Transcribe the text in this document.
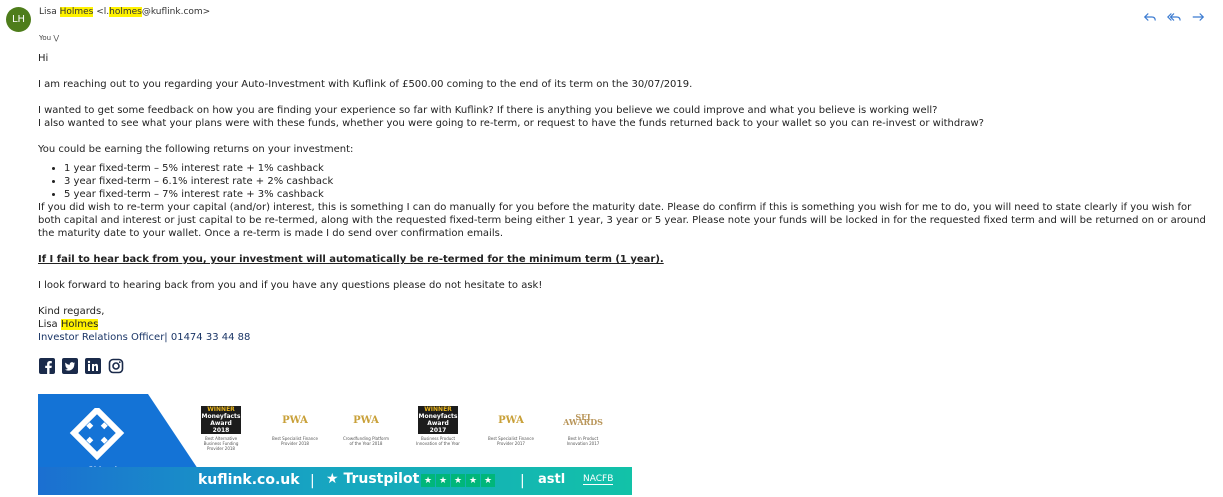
LH
Lisa Holmes <l.holmes@kuflink.com>
You ⋁

Hi

I am reaching out to you regarding your Auto-Investment with Kuflink of £500.00 coming to the end of its term on the 30/07/2019.

I wanted to get some feedback on how you are finding your experience so far with Kuflink? If there is anything you believe we could improve and what you believe is working well?

I also wanted to see what your plans were with these funds, whether you were going to re-term, or request to have the funds returned back to your wallet so you can re-invest or withdraw?

You could be earning the following returns on your investment:

• 1 year fixed-term – 5% interest rate + 1% cashback
• 3 year fixed-term – 6.1% interest rate + 2% cashback
• 5 year fixed-term – 7% interest rate + 3% cashback

If you did wish to re-term your capital (and/or) interest, this is something I can do manually for you before the maturity date. Please do confirm if this is something you wish for me to do, you will need to state clearly if you wish for both capital and interest or just capital to be re-termed, along with the requested fixed-term being either 1 year, 3 year or 5 year. Please note your funds will be locked in for the requested fixed term and will be returned on or around the maturity date to your wallet. Once a re-term is made I do send over confirmation emails.

If I fail to hear back from you, your investment will automatically be re-termed for the minimum term (1 year).

I look forward to hearing back from you and if you have any questions please do not hesitate to ask!

Kind regards,

Lisa Holmes

Investor Relations Officer| 01474 33 44 88

WINNER
Moneyfacts
Award 2018
Best Alternative Business Funding Provider 2018
PWA
Best Specialist Finance Provider 2018
PWA
Crowdfunding Platform of the Year 2018
WINNER
Moneyfacts
Award 2017
Business Product Innovation of the Year
PWA
Best Specialist Finance Provider 2017
SFI AWARDS
Best In Product Innovation 2017
kuflink.co.uk | ★ Trustpilot ★ ★ ★ ★ ★ | astl NACFB
